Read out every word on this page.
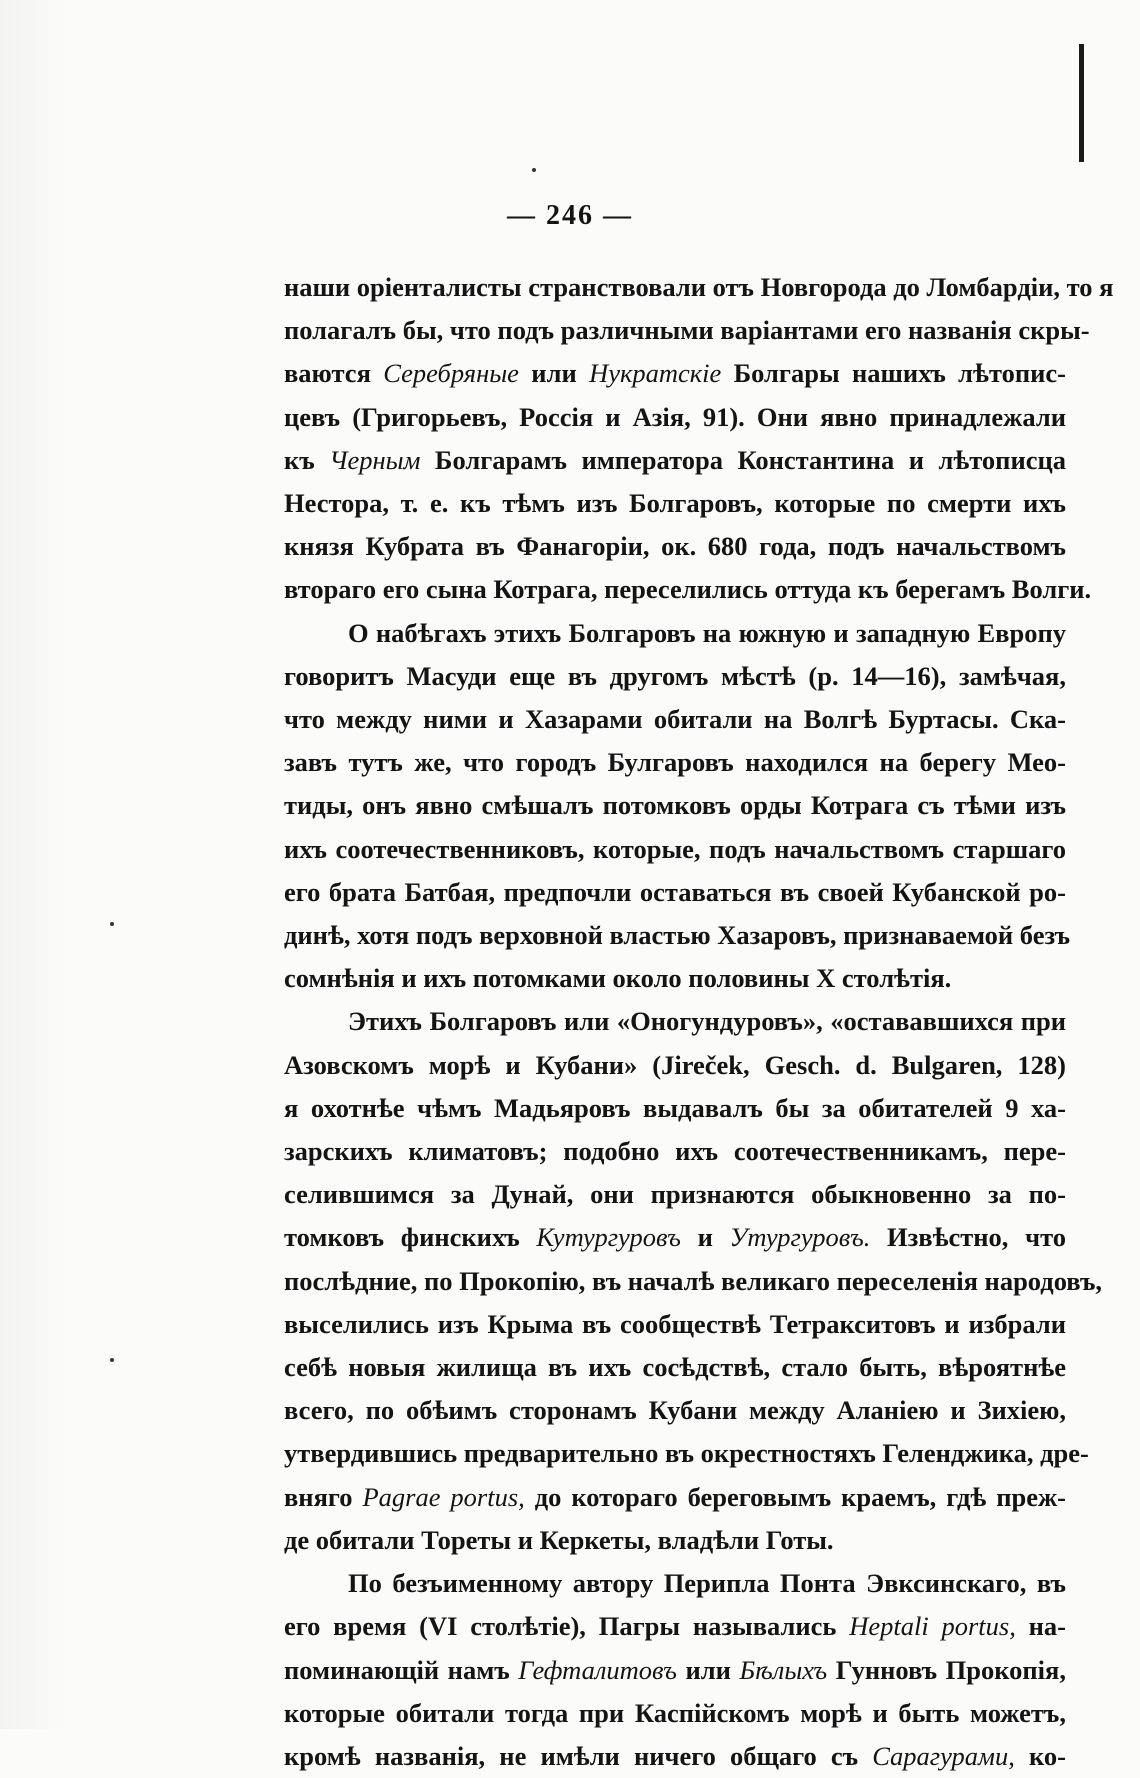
— 246 —
наши оріенталисты странствовали отъ Новгорода до Ломбардіи, то я
полагалъ бы, что подъ различными варіантами его названія скры-
ваются Серебряные или Нукратскіе Болгары нашихъ лѣтопис-
цевъ (Григорьевъ, Россія и Азія, 91). Они явно принадлежали
къ Черным Болгарамъ императора Константина и лѣтописца
Нестора, т. е. къ тѣмъ изъ Болгаровъ, которые по смерти ихъ
князя Кубрата въ Фанагоріи, ок. 680 года, подъ начальствомъ
втораго его сына Котрага, переселились оттуда къ берегамъ Волги.
О набѣгахъ этихъ Болгаровъ на южную и западную Европу
говоритъ Масуди еще въ другомъ мѣстѣ (р. 14—16), замѣчая,
что между ними и Хазарами обитали на Волгѣ Буртасы. Ска-
завъ тутъ же, что городъ Булгаровъ находился на берегу Мео-
тиды, онъ явно смѣшалъ потомковъ орды Котрага съ тѣми изъ
ихъ соотечественниковъ, которые, подъ начальствомъ старшаго
его брата Батбая, предпочли оставаться въ своей Кубанской ро-
динѣ, хотя подъ верховной властью Хазаровъ, признаваемой безъ
сомнѣнія и ихъ потомками около половины X столѣтія.
Этихъ Болгаровъ или «Оногундуровъ», «остававшихся при
Азовскомъ морѣ и Кубани» (Jireček, Gesch. d. Bulgaren, 128)
я охотнѣе чѣмъ Мадьяровъ выдавалъ бы за обитателей 9 ха-
зарскихъ климатовъ; подобно ихъ соотечественникамъ, пере-
селившимся за Дунай, они признаются обыкновенно за по-
томковъ финскихъ Кутургуровъ и Утургуровъ. Извѣстно, что
послѣдние, по Прокопію, въ началѣ великаго переселенія народовъ,
выселились изъ Крыма въ сообществѣ Тетракситовъ и избрали
себѣ новыя жилища въ ихъ сосѣдствѣ, стало быть, вѣроятнѣе
всего, по обѣимъ сторонамъ Кубани между Аланіею и Зихіею,
утвердившись предварительно въ окрестностяхъ Геленджика, дре-
вняго Pagrae portus, до котораго береговымъ краемъ, гдѣ преж-
де обитали Тореты и Керкеты, владѣли Готы.
По безъименному автору Перипла Понта Эвксинскаго, въ
его время (VI столѣтіе), Пагры назывались Heptali portus, на-
поминающій намъ Гефталитовъ или Бѣлыхъ Гунновъ Прокопія,
которые обитали тогда при Каспійскомъ морѣ и быть можетъ,
кромѣ названія, не имѣли ничего общаго съ Сарагурами, ко-
